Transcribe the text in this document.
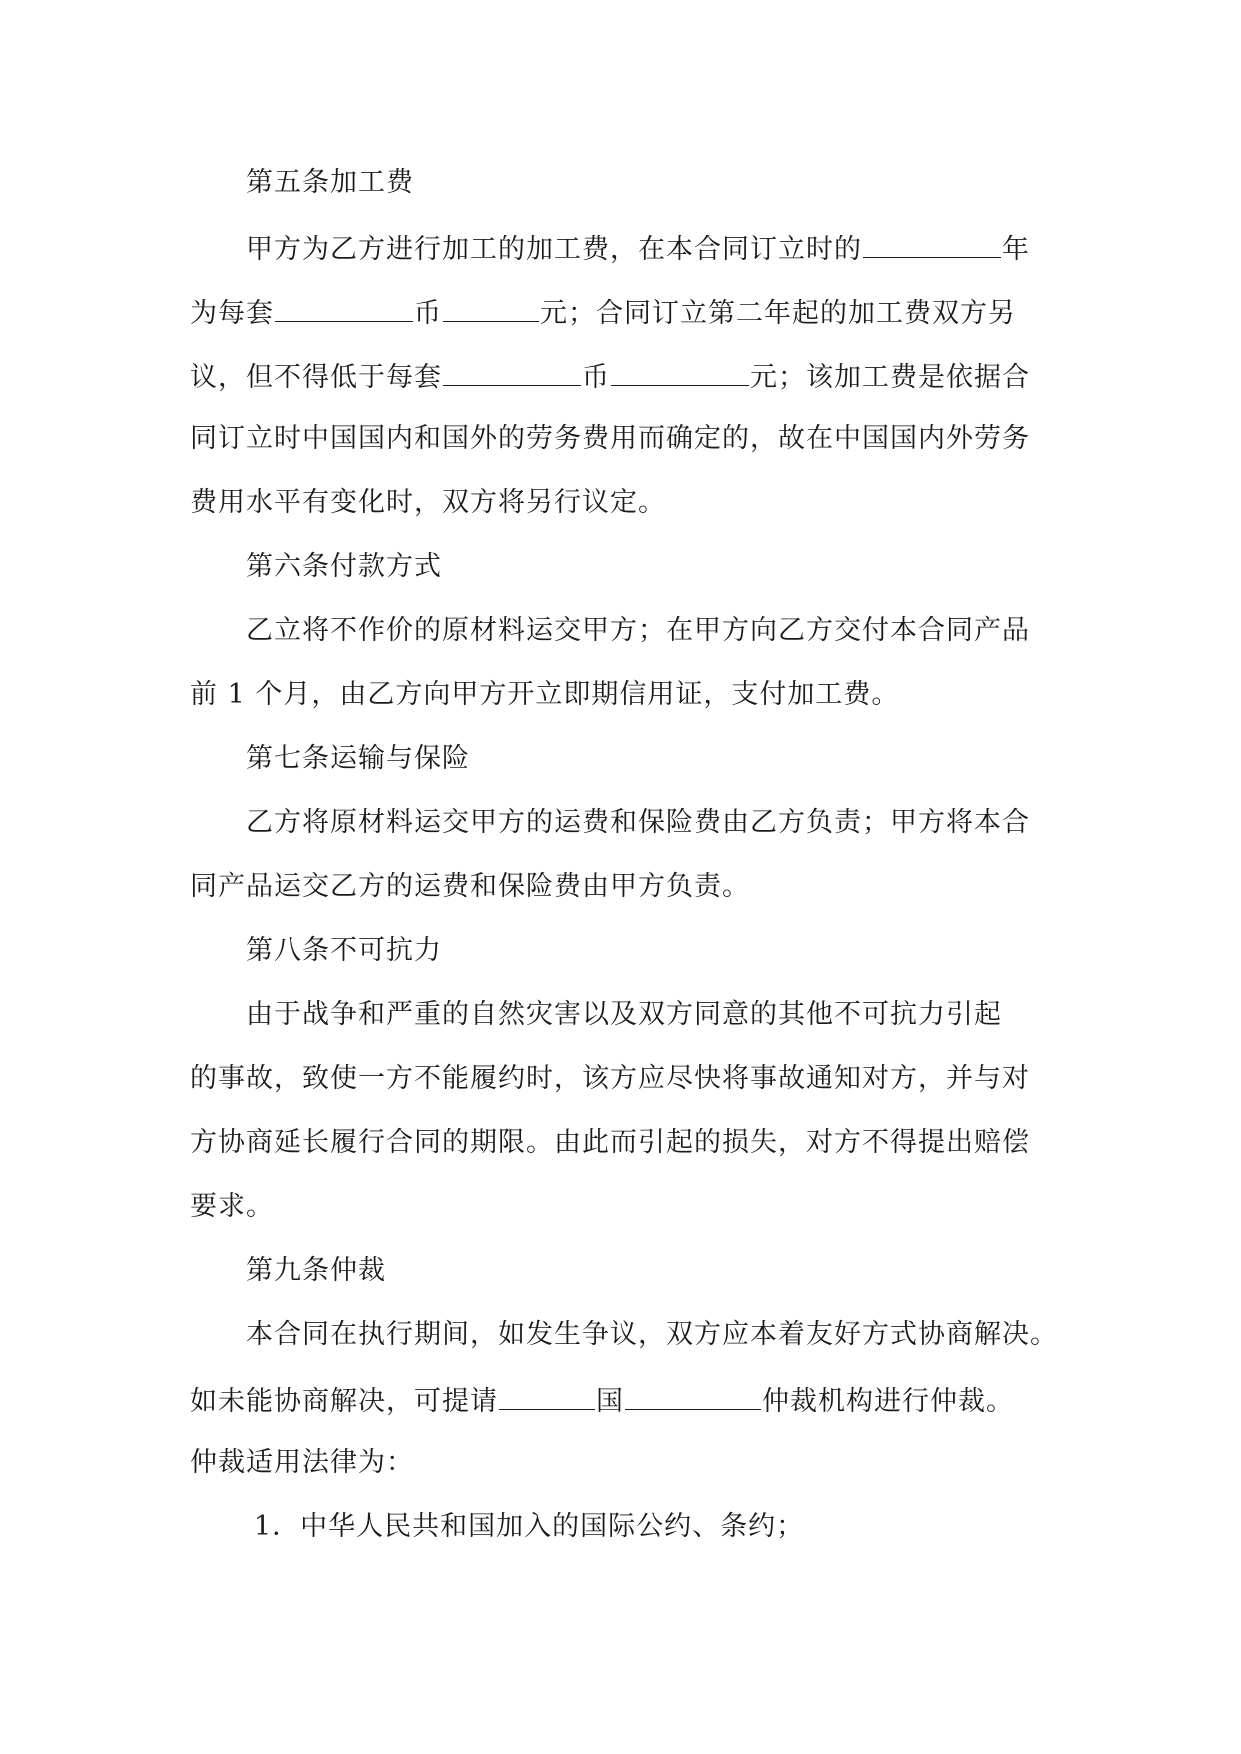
第五条加工费
甲方为乙方进行加工的加工费，在本合同订立时的	年
为每套	币	元；合同订立第二年起的加工费双方另
议，但不得低于每套	币	元；该加工费是依据合
同订立时中国国内和国外的劳务费用而确定的，故在中国国内外劳务
费用水平有变化时，双方将另行议定。
第六条付款方式
乙立将不作价的原材料运交甲方；在甲方向乙方交付本合同产品
前 1 个月，由乙方向甲方开立即期信用证，支付加工费。
第七条运输与保险
乙方将原材料运交甲方的运费和保险费由乙方负责；甲方将本合
同产品运交乙方的运费和保险费由甲方负责。
第八条不可抗力
由于战争和严重的自然灾害以及双方同意的其他不可抗力引起
的事故，致使一方不能履约时，该方应尽快将事故通知对方，并与对
方协商延长履行合同的期限。由此而引起的损失，对方不得提出赔偿
要求。
第九条仲裁
本合同在执行期间，如发生争议，双方应本着友好方式协商解决。
如未能协商解决，可提请	国	仲裁机构进行仲裁。
仲裁适用法律为：
1．中华人民共和国加入的国际公约、条约；
